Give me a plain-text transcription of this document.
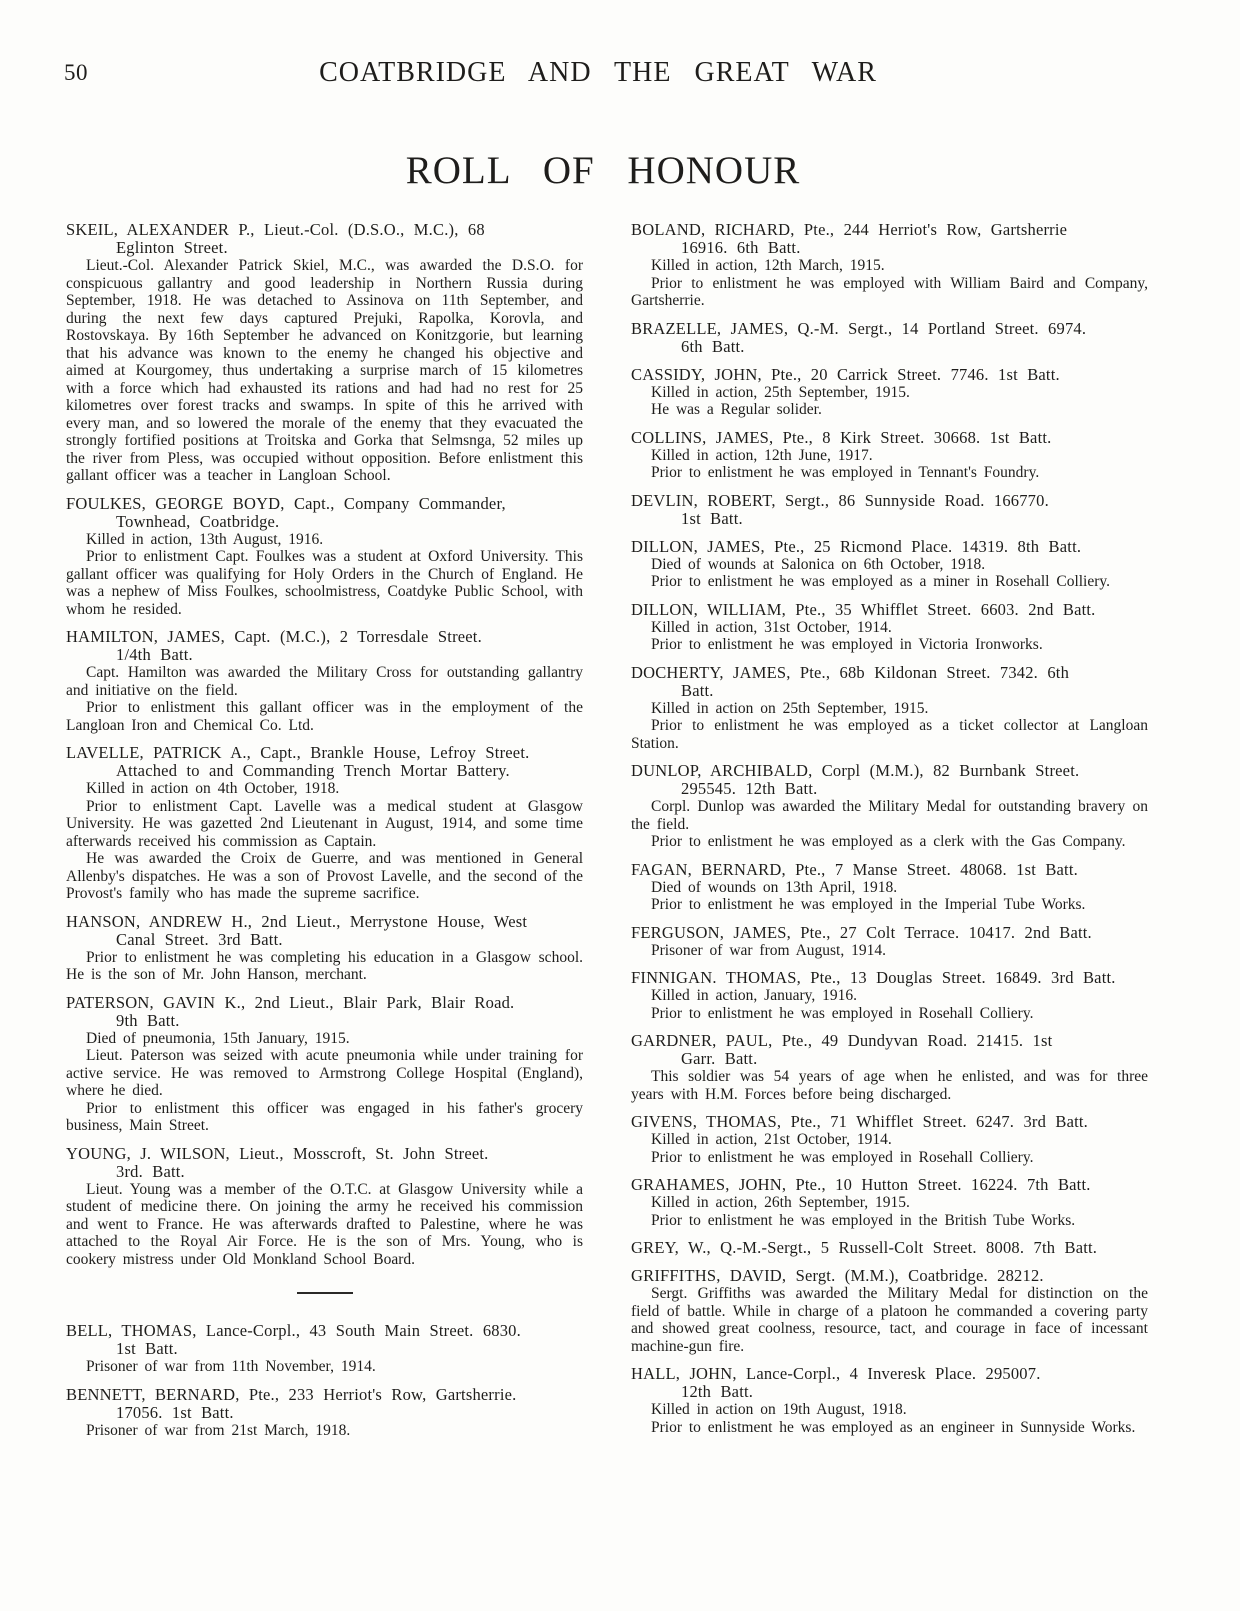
50	COATBRIDGE AND THE GREAT WAR
ROLL OF HONOUR
SKEIL, ALEXANDER P., Lieut.-Col. (D.S.O., M.C.), 68
Eglinton Street.

Lieut.-Col. Alexander Patrick Skiel, M.C., was awarded the D.S.O. for conspicuous gallantry and good leadership in Northern Russia during September, 1918. He was detached to Assinova on 11th September, and during the next few days captured Prejuki, Rapolka, Korovla, and Rostovskaya. By 16th September he advanced on Konitzgorie, but learning that his advance was known to the enemy he changed his objective and aimed at Kourgomey, thus undertaking a surprise march of 15 kilometres with a force which had exhausted its rations and had had no rest for 25 kilometres over forest tracks and swamps. In spite of this he arrived with every man, and so lowered the morale of the enemy that they evacuated the strongly fortified positions at Troitska and Gorka that Selmsnga, 52 miles up the river from Pless, was occupied without opposition. Before enlistment this gallant officer was a teacher in Langloan School.

FOULKES, GEORGE BOYD, Capt., Company Commander,
Townhead, Coatbridge.

Killed in action, 13th August, 1916.

Prior to enlistment Capt. Foulkes was a student at Oxford University. This gallant officer was qualifying for Holy Orders in the Church of England. He was a nephew of Miss Foulkes, schoolmistress, Coatdyke Public School, with whom he resided.

HAMILTON, JAMES, Capt. (M.C.), 2 Torresdale Street.
1/4th Batt.

Capt. Hamilton was awarded the Military Cross for outstanding gallantry and initiative on the field.

Prior to enlistment this gallant officer was in the employment of the Langloan Iron and Chemical Co. Ltd.

LAVELLE, PATRICK A., Capt., Brankle House, Lefroy Street.
Attached to and Commanding Trench Mortar Battery.

Killed in action on 4th October, 1918.

Prior to enlistment Capt. Lavelle was a medical student at Glasgow University. He was gazetted 2nd Lieutenant in August, 1914, and some time afterwards received his commission as Captain.

He was awarded the Croix de Guerre, and was mentioned in General Allenby's dispatches. He was a son of Provost Lavelle, and the second of the Provost's family who has made the supreme sacrifice.

HANSON, ANDREW H., 2nd Lieut., Merrystone House, West
Canal Street. 3rd Batt.

Prior to enlistment he was completing his education in a Glasgow school. He is the son of Mr. John Hanson, merchant.

PATERSON, GAVIN K., 2nd Lieut., Blair Park, Blair Road.
9th Batt.

Died of pneumonia, 15th January, 1915.

Lieut. Paterson was seized with acute pneumonia while under training for active service. He was removed to Armstrong College Hospital (England), where he died.

Prior to enlistment this officer was engaged in his father's grocery business, Main Street.

YOUNG, J. WILSON, Lieut., Mosscroft, St. John Street.
3rd. Batt.

Lieut. Young was a member of the O.T.C. at Glasgow University while a student of medicine there. On joining the army he received his commission and went to France. He was afterwards drafted to Palestine, where he was attached to the Royal Air Force. He is the son of Mrs. Young, who is cookery mistress under Old Monkland School Board.

BELL, THOMAS, Lance-Corpl., 43 South Main Street. 6830.
1st Batt.

Prisoner of war from 11th November, 1914.

BENNETT, BERNARD, Pte., 233 Herriot's Row, Gartsherrie.
17056. 1st Batt.

Prisoner of war from 21st March, 1918.

BOLAND, RICHARD, Pte., 244 Herriot's Row, Gartsherrie
16916. 6th Batt.

Killed in action, 12th March, 1915.

Prior to enlistment he was employed with William Baird and Company, Gartsherrie.

BRAZELLE, JAMES, Q.-M. Sergt., 14 Portland Street. 6974.
6th Batt.
CASSIDY, JOHN, Pte., 20 Carrick Street. 7746. 1st Batt.

Killed in action, 25th September, 1915.

He was a Regular solider.

COLLINS, JAMES, Pte., 8 Kirk Street. 30668. 1st Batt.

Killed in action, 12th June, 1917.

Prior to enlistment he was employed in Tennant's Foundry.

DEVLIN, ROBERT, Sergt., 86 Sunnyside Road. 166770.
1st Batt.
DILLON, JAMES, Pte., 25 Ricmond Place. 14319. 8th Batt.

Died of wounds at Salonica on 6th October, 1918.

Prior to enlistment he was employed as a miner in Rosehall Colliery.

DILLON, WILLIAM, Pte., 35 Whifflet Street. 6603. 2nd Batt.

Killed in action, 31st October, 1914.

Prior to enlistment he was employed in Victoria Ironworks.

DOCHERTY, JAMES, Pte., 68b Kildonan Street. 7342. 6th
Batt.

Killed in action on 25th September, 1915.

Prior to enlistment he was employed as a ticket collector at Langloan Station.

DUNLOP, ARCHIBALD, Corpl (M.M.), 82 Burnbank Street.
295545. 12th Batt.

Corpl. Dunlop was awarded the Military Medal for outstanding bravery on the field.

Prior to enlistment he was employed as a clerk with the Gas Company.

FAGAN, BERNARD, Pte., 7 Manse Street. 48068. 1st Batt.

Died of wounds on 13th April, 1918.

Prior to enlistment he was employed in the Imperial Tube Works.

FERGUSON, JAMES, Pte., 27 Colt Terrace. 10417. 2nd Batt.

Prisoner of war from August, 1914.

FINNIGAN. THOMAS, Pte., 13 Douglas Street. 16849. 3rd Batt.

Killed in action, January, 1916.

Prior to enlistment he was employed in Rosehall Colliery.

GARDNER, PAUL, Pte., 49 Dundyvan Road. 21415. 1st
Garr. Batt.

This soldier was 54 years of age when he enlisted, and was for three years with H.M. Forces before being discharged.

GIVENS, THOMAS, Pte., 71 Whifflet Street. 6247. 3rd Batt.

Killed in action, 21st October, 1914.

Prior to enlistment he was employed in Rosehall Colliery.

GRAHAMES, JOHN, Pte., 10 Hutton Street. 16224. 7th Batt.

Killed in action, 26th September, 1915.

Prior to enlistment he was employed in the British Tube Works.

GREY, W., Q.-M.-Sergt., 5 Russell-Colt Street. 8008. 7th Batt.
GRIFFITHS, DAVID, Sergt. (M.M.), Coatbridge. 28212.

Sergt. Griffiths was awarded the Military Medal for distinction on the field of battle. While in charge of a platoon he commanded a covering party and showed great coolness, resource, tact, and courage in face of incessant machine-gun fire.

HALL, JOHN, Lance-Corpl., 4 Inveresk Place. 295007.
12th Batt.

Killed in action on 19th August, 1918.

Prior to enlistment he was employed as an engineer in Sunnyside Works.
